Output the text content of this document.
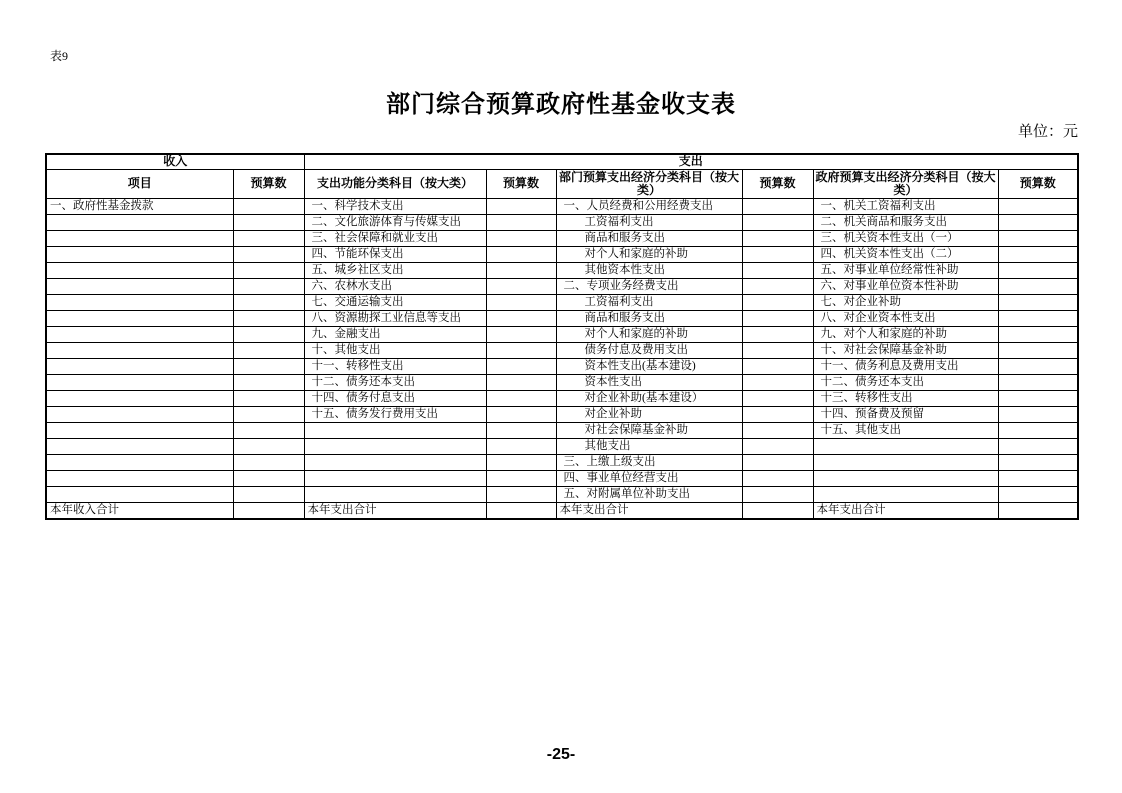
表9
部门综合预算政府性基金收支表
单位：元
收入		支出					
项目	预算数	支出功能分类科目（按大类）	预算数	部门预算支出经济分类科目（按大类）	预算数	政府预算支出经济分类科目（按大类）	预算数
一、政府性基金拨款		一、科学技术支出		一、人员经费和公用经费支出		一、机关工资福利支出	
		二、文化旅游体育与传媒支出		工资福利支出		二、机关商品和服务支出	
		三、社会保障和就业支出		商品和服务支出		三、机关资本性支出（一）	
		四、节能环保支出		对个人和家庭的补助		四、机关资本性支出（二）	
		五、城乡社区支出		其他资本性支出		五、对事业单位经常性补助	
		六、农林水支出		二、专项业务经费支出		六、对事业单位资本性补助	
		七、交通运输支出		工资福利支出		七、对企业补助	
		八、资源勘探工业信息等支出		商品和服务支出		八、对企业资本性支出	
		九、金融支出		对个人和家庭的补助		九、对个人和家庭的补助	
		十、其他支出		债务付息及费用支出		十、对社会保障基金补助	
		十一、转移性支出		资本性支出(基本建设)		十一、债务利息及费用支出	
		十二、债务还本支出		资本性支出		十二、债务还本支出	
		十四、债务付息支出		对企业补助(基本建设）		十三、转移性支出	
		十五、债务发行费用支出		对企业补助		十四、预备费及预留	
				对社会保障基金补助		十五、其他支出	
				其他支出			
				三、上缴上级支出			
				四、事业单位经营支出			
				五、对附属单位补助支出			
本年收入合计		本年支出合计		本年支出合计		本年支出合计	
-25-
